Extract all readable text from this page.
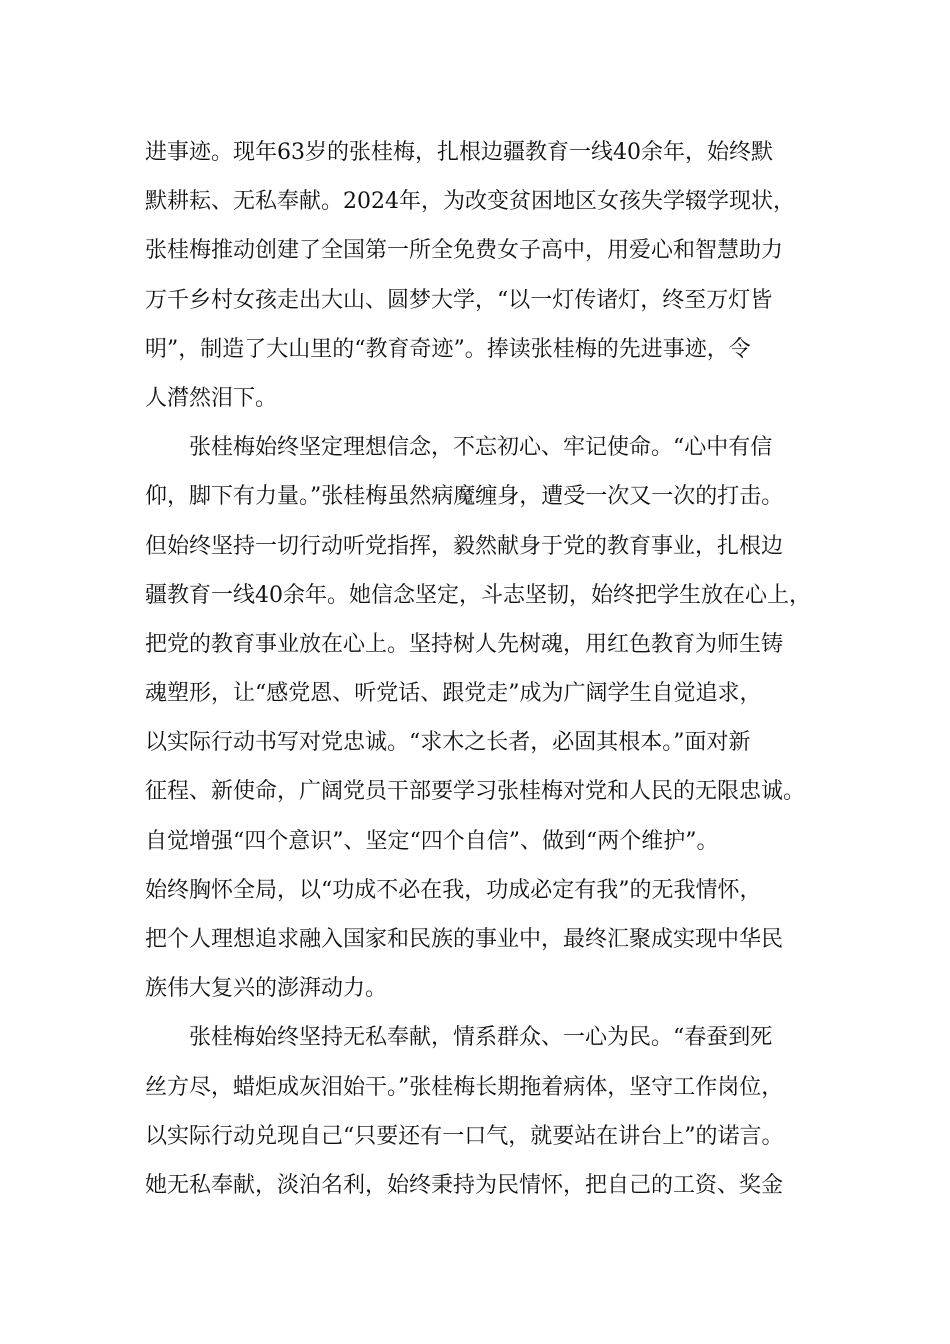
进事迹。现年63岁的张桂梅，扎根边疆教育一线40余年，始终默
默耕耘、无私奉献。2024年，为改变贫困地区女孩失学辍学现状，
张桂梅推动创建了全国第一所全免费女子高中，用爱心和智慧助力
万千乡村女孩走出大山、圆梦大学，“以一灯传诸灯，终至万灯皆
明”，制造了大山里的“教育奇迹”。捧读张桂梅的先进事迹，令
人潸然泪下。

张桂梅始终坚定理想信念，不忘初心、牢记使命。“心中有信
仰，脚下有力量。”张桂梅虽然病魔缠身，遭受一次又一次的打击。
但始终坚持一切行动听党指挥，毅然献身于党的教育事业，扎根边
疆教育一线40余年。她信念坚定，斗志坚韧，始终把学生放在心上，
把党的教育事业放在心上。坚持树人先树魂，用红色教育为师生铸
魂塑形，让“感党恩、听党话、跟党走”成为广阔学生自觉追求，
以实际行动书写对党忠诚。“求木之长者，必固其根本。”面对新
征程、新使命，广阔党员干部要学习张桂梅对党和人民的无限忠诚。
自觉增强“四个意识”、坚定“四个自信”、做到“两个维护”。
始终胸怀全局，以“功成不必在我，功成必定有我”的无我情怀，
把个人理想追求融入国家和民族的事业中，最终汇聚成实现中华民
族伟大复兴的澎湃动力。

张桂梅始终坚持无私奉献，情系群众、一心为民。“春蚕到死
丝方尽，蜡炬成灰泪始干。”张桂梅长期拖着病体，坚守工作岗位，
以实际行动兑现自己“只要还有一口气，就要站在讲台上”的诺言。
她无私奉献，淡泊名利，始终秉持为民情怀，把自己的工资、奖金
